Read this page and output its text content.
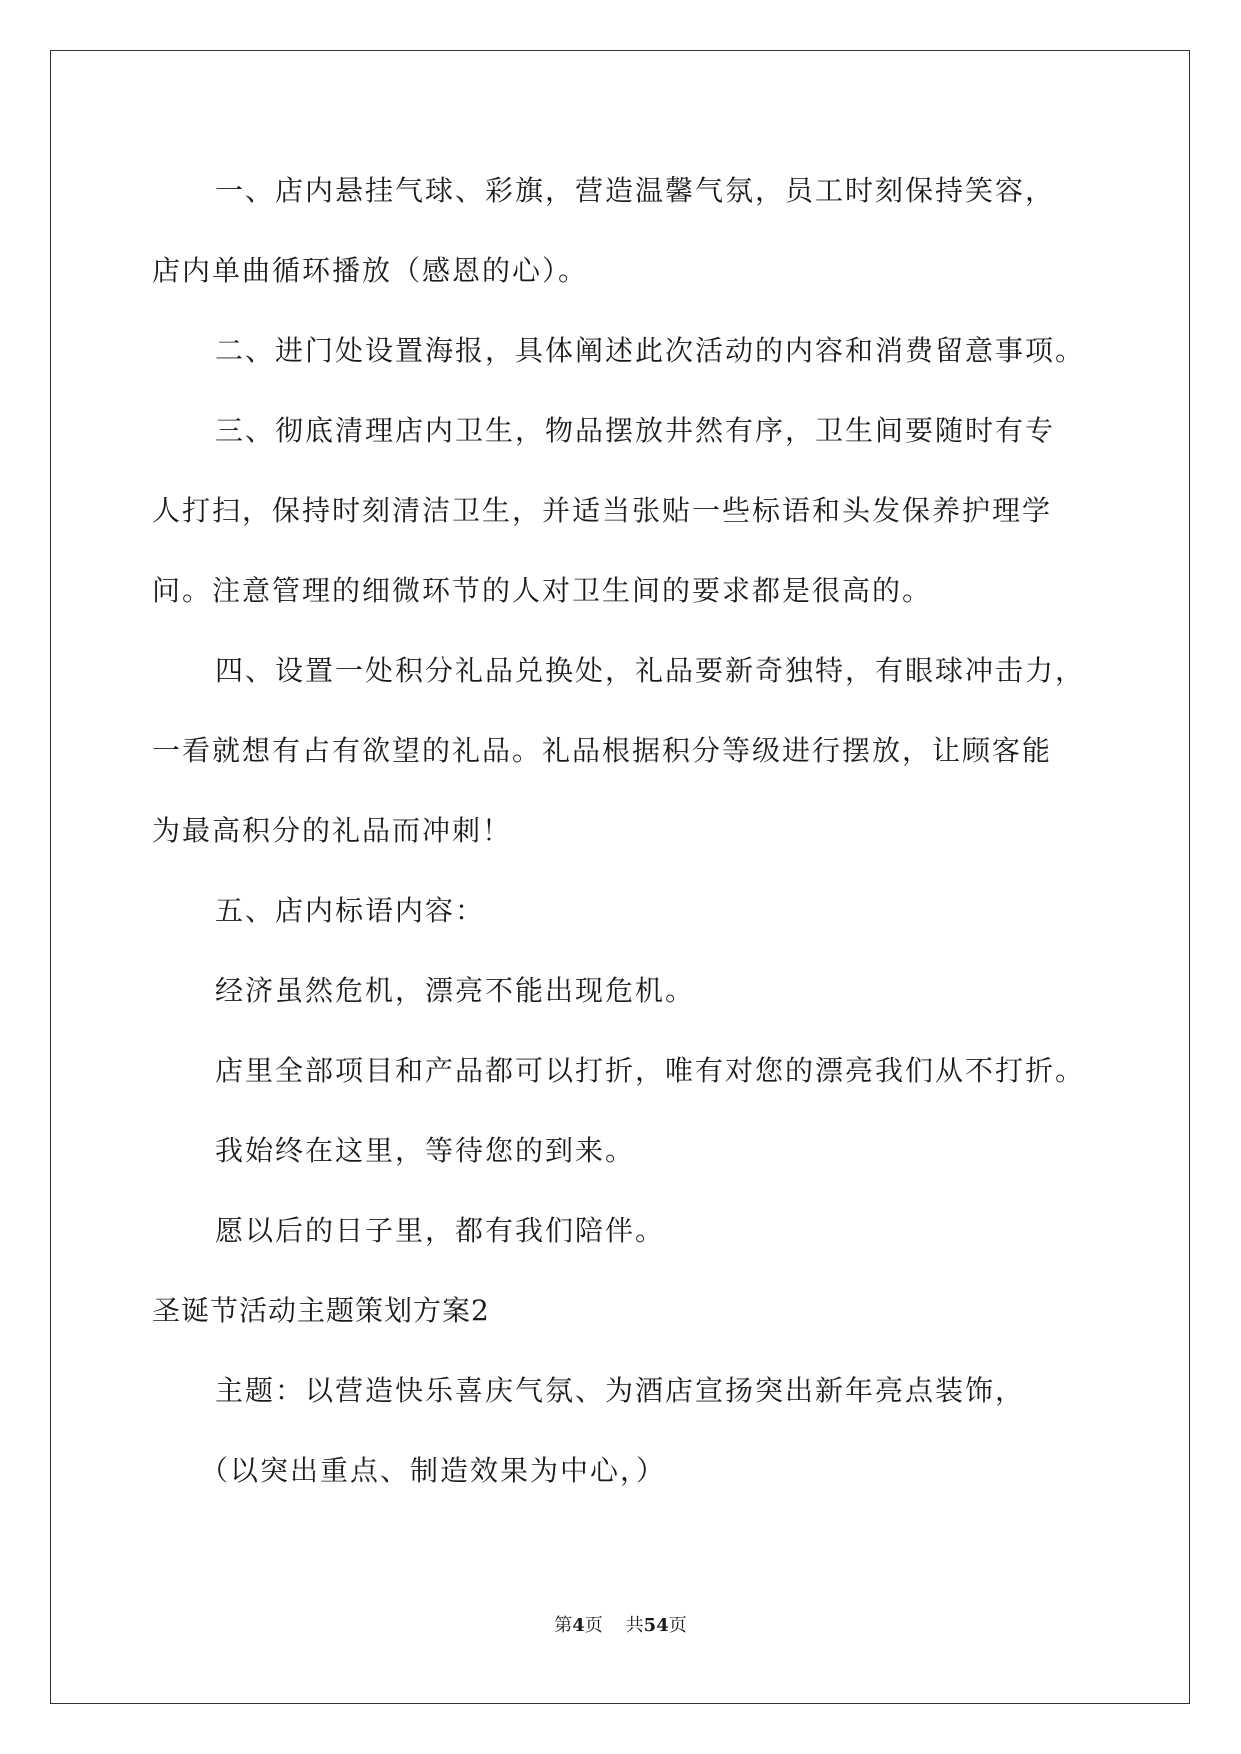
一、店内悬挂气球、彩旗，营造温馨气氛，员工时刻保持笑容，

店内单曲循环播放（感恩的心）。

二、进门处设置海报，具体阐述此次活动的内容和消费留意事项。

三、彻底清理店内卫生，物品摆放井然有序，卫生间要随时有专

人打扫，保持时刻清洁卫生，并适当张贴一些标语和头发保养护理学

问。注意管理的细微环节的人对卫生间的要求都是很高的。

四、设置一处积分礼品兑换处，礼品要新奇独特，有眼球冲击力，

一看就想有占有欲望的礼品。礼品根据积分等级进行摆放，让顾客能

为最高积分的礼品而冲刺！

五、店内标语内容：

经济虽然危机，漂亮不能出现危机。

店里全部项目和产品都可以打折，唯有对您的漂亮我们从不打折。

我始终在这里，等待您的到来。

愿以后的日子里，都有我们陪伴。

圣诞节活动主题策划方案2

主题：以营造快乐喜庆气氛、为酒店宣扬突出新年亮点装饰，

（以突出重点、制造效果为中心，）

第4页 共54页
